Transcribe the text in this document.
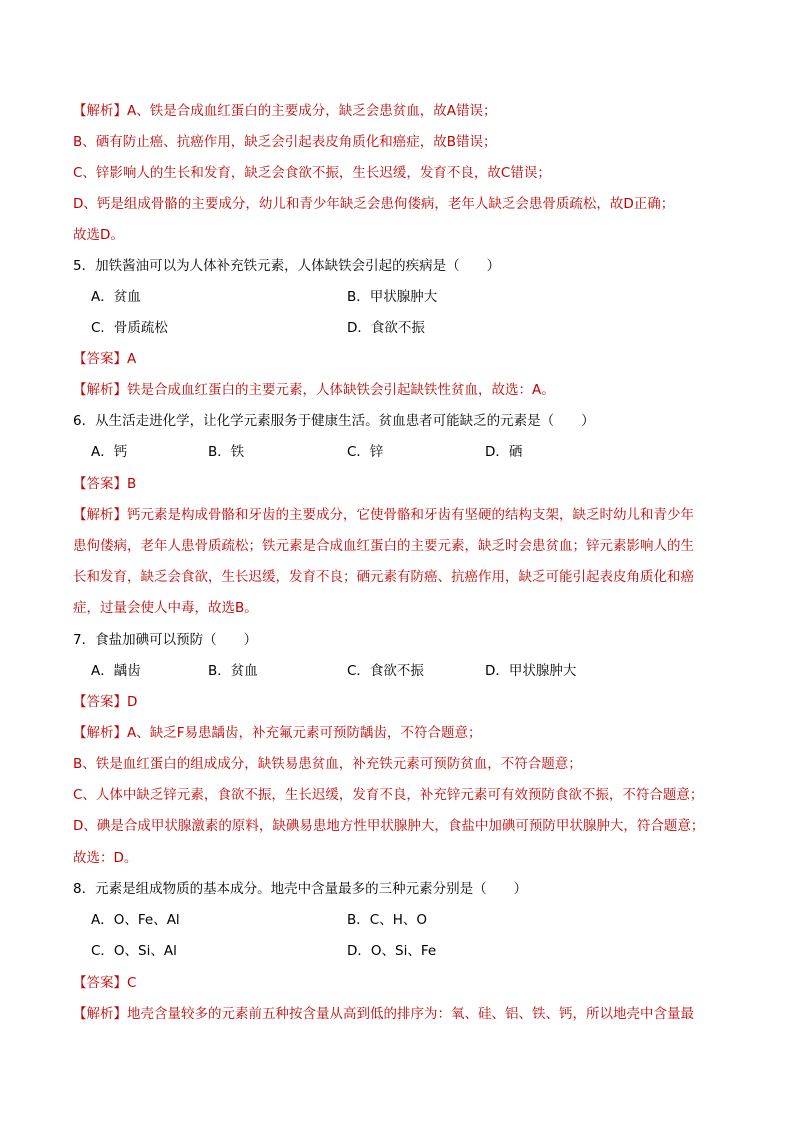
【解析】A、铁是合成血红蛋白的主要成分，缺乏会患贫血，故A错误；
B、硒有防止癌、抗癌作用，缺乏会引起表皮角质化和癌症，故B错误；
C、锌影响人的生长和发育，缺乏会食欲不振，生长迟缓，发育不良，故C错误；
D、钙是组成骨骼的主要成分，幼儿和青少年缺乏会患佝偻病，老年人缺乏会患骨质疏松，故D正确；
故选D。
5．加铁酱油可以为人体补充铁元素，人体缺铁会引起的疾病是（　　）
A．贫血	B．甲状腺肿大
C．骨质疏松	D．食欲不振
【答案】A
【解析】铁是合成血红蛋白的主要元素，人体缺铁会引起缺铁性贫血，故选：A。
6．从生活走进化学，让化学元素服务于健康生活。贫血患者可能缺乏的元素是（　　）
A．钙	B．铁	C．锌	D．硒
【答案】B
【解析】钙元素是构成骨骼和牙齿的主要成分，它使骨骼和牙齿有坚硬的结构支架，缺乏时幼儿和青少年
患佝偻病，老年人患骨质疏松；铁元素是合成血红蛋白的主要元素，缺乏时会患贫血；锌元素影响人的生
长和发育，缺乏会食欲，生长迟缓，发育不良；硒元素有防癌、抗癌作用，缺乏可能引起表皮角质化和癌
症，过量会使人中毒，故选B。
7．食盐加碘可以预防（　　）
A．龋齿	B．贫血	C．食欲不振	D．甲状腺肿大
【答案】D
【解析】A、缺乏F易患龋齿，补充氟元素可预防龋齿，不符合题意；
B、铁是血红蛋白的组成成分，缺铁易患贫血，补充铁元素可预防贫血，不符合题意；
C、人体中缺乏锌元素，食欲不振，生长迟缓，发育不良，补充锌元素可有效预防食欲不振，不符合题意；
D、碘是合成甲状腺激素的原料，缺碘易患地方性甲状腺肿大，食盐中加碘可预防甲状腺肿大，符合题意；
故选：D。
8．元素是组成物质的基本成分。地壳中含量最多的三种元素分别是（　　）
A．O、Fe、Al	B．C、H、O
C．O、Si、Al	D．O、Si、Fe
【答案】C
【解析】地壳含量较多的元素前五种按含量从高到低的排序为：氧、硅、铝、铁、钙，所以地壳中含量最
